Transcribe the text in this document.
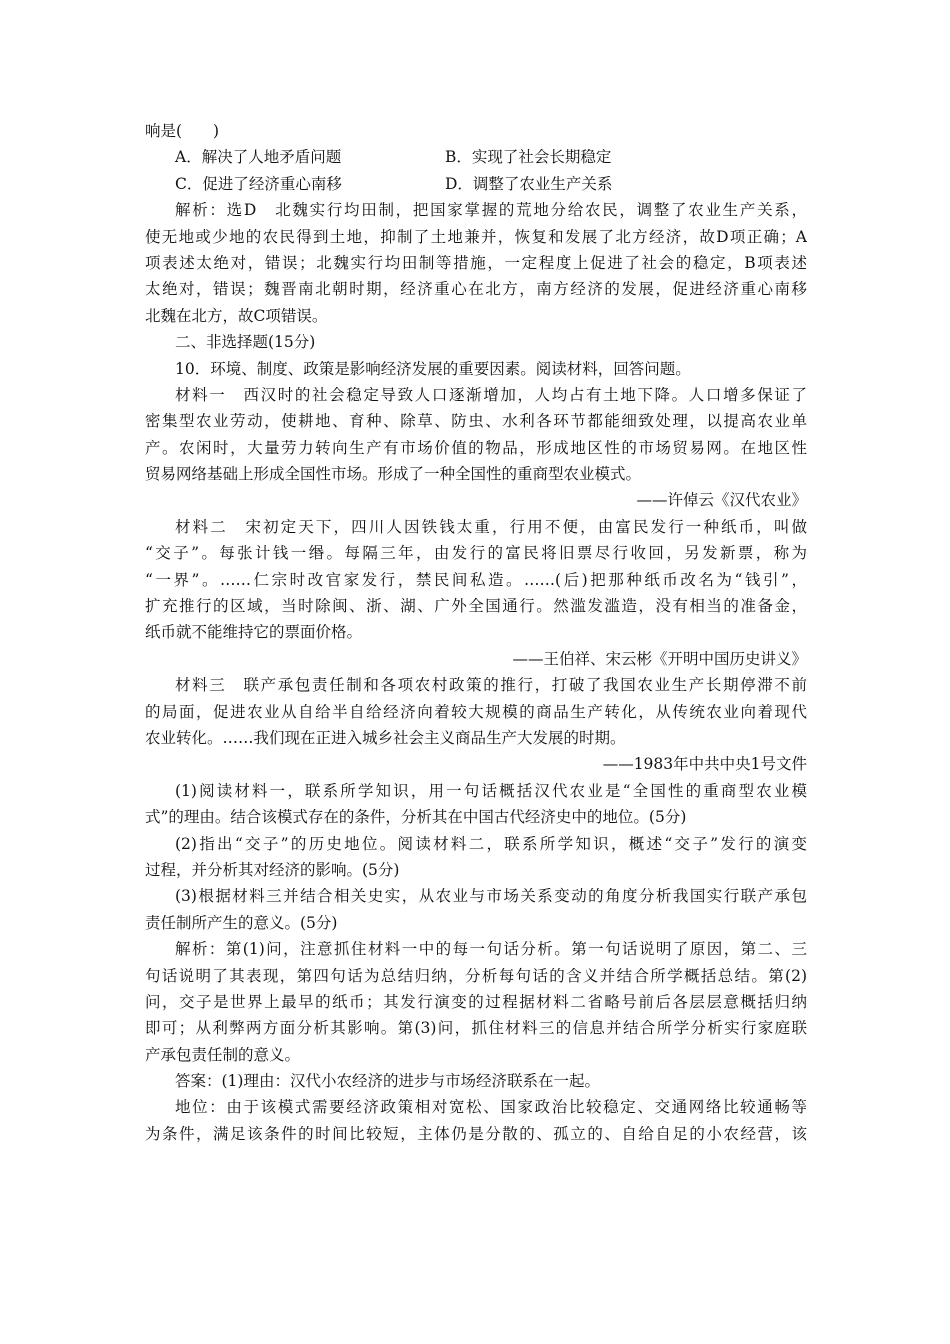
响是(　　)
A．解决了人地矛盾问题	B．实现了社会长期稳定
C．促进了经济重心南移	D．调整了农业生产关系
解析：选D　北魏实行均田制，把国家掌握的荒地分给农民，调整了农业生产关系，
使无地或少地的农民得到土地，抑制了土地兼并，恢复和发展了北方经济，故D项正确；A
项表述太绝对，错误；北魏实行均田制等措施，一定程度上促进了社会的稳定，B项表述
太绝对，错误；魏晋南北朝时期，经济重心在北方，南方经济的发展，促进经济重心南移
北魏在北方，故C项错误。
二、非选择题(15分)
10．环境、制度、政策是影响经济发展的重要因素。阅读材料，回答问题。
材料一　西汉时的社会稳定导致人口逐渐增加，人均占有土地下降。人口增多保证了
密集型农业劳动，使耕地、育种、除草、防虫、水利各环节都能细致处理，以提高农业单
产。农闲时，大量劳力转向生产有市场价值的物品，形成地区性的市场贸易网。在地区性
贸易网络基础上形成全国性市场。形成了一种全国性的重商型农业模式。
——许倬云《汉代农业》
材料二　宋初定天下，四川人因铁钱太重，行用不便，由富民发行一种纸币，叫做
“交子”。每张计钱一缗。每隔三年，由发行的富民将旧票尽行收回，另发新票，称为
“一界”。……仁宗时改官家发行，禁民间私造。……(后)把那种纸币改名为“钱引”，
扩充推行的区域，当时除闽、浙、湖、广外全国通行。然滥发滥造，没有相当的准备金，
纸币就不能维持它的票面价格。
——王伯祥、宋云彬《开明中国历史讲义》
材料三　联产承包责任制和各项农村政策的推行，打破了我国农业生产长期停滞不前
的局面，促进农业从自给半自给经济向着较大规模的商品生产转化，从传统农业向着现代
农业转化。……我们现在正进入城乡社会主义商品生产大发展的时期。
——1983年中共中央1号文件
(1)阅读材料一，联系所学知识，用一句话概括汉代农业是“全国性的重商型农业模
式”的理由。结合该模式存在的条件，分析其在中国古代经济史中的地位。(5分)
(2)指出“交子”的历史地位。阅读材料二，联系所学知识，概述“交子”发行的演变
过程，并分析其对经济的影响。(5分)
(3)根据材料三并结合相关史实，从农业与市场关系变动的角度分析我国实行联产承包
责任制所产生的意义。(5分)
解析：第(1)问，注意抓住材料一中的每一句话分析。第一句话说明了原因，第二、三
句话说明了其表现，第四句话为总结归纳，分析每句话的含义并结合所学概括总结。第(2)
问，交子是世界上最早的纸币；其发行演变的过程据材料二省略号前后各层层意概括归纳
即可；从利弊两方面分析其影响。第(3)问，抓住材料三的信息并结合所学分析实行家庭联
产承包责任制的意义。
答案：(1)理由：汉代小农经济的进步与市场经济联系在一起。
地位：由于该模式需要经济政策相对宽松、国家政治比较稳定、交通网络比较通畅等
为条件，满足该条件的时间比较短，主体仍是分散的、孤立的、自给自足的小农经营，该
